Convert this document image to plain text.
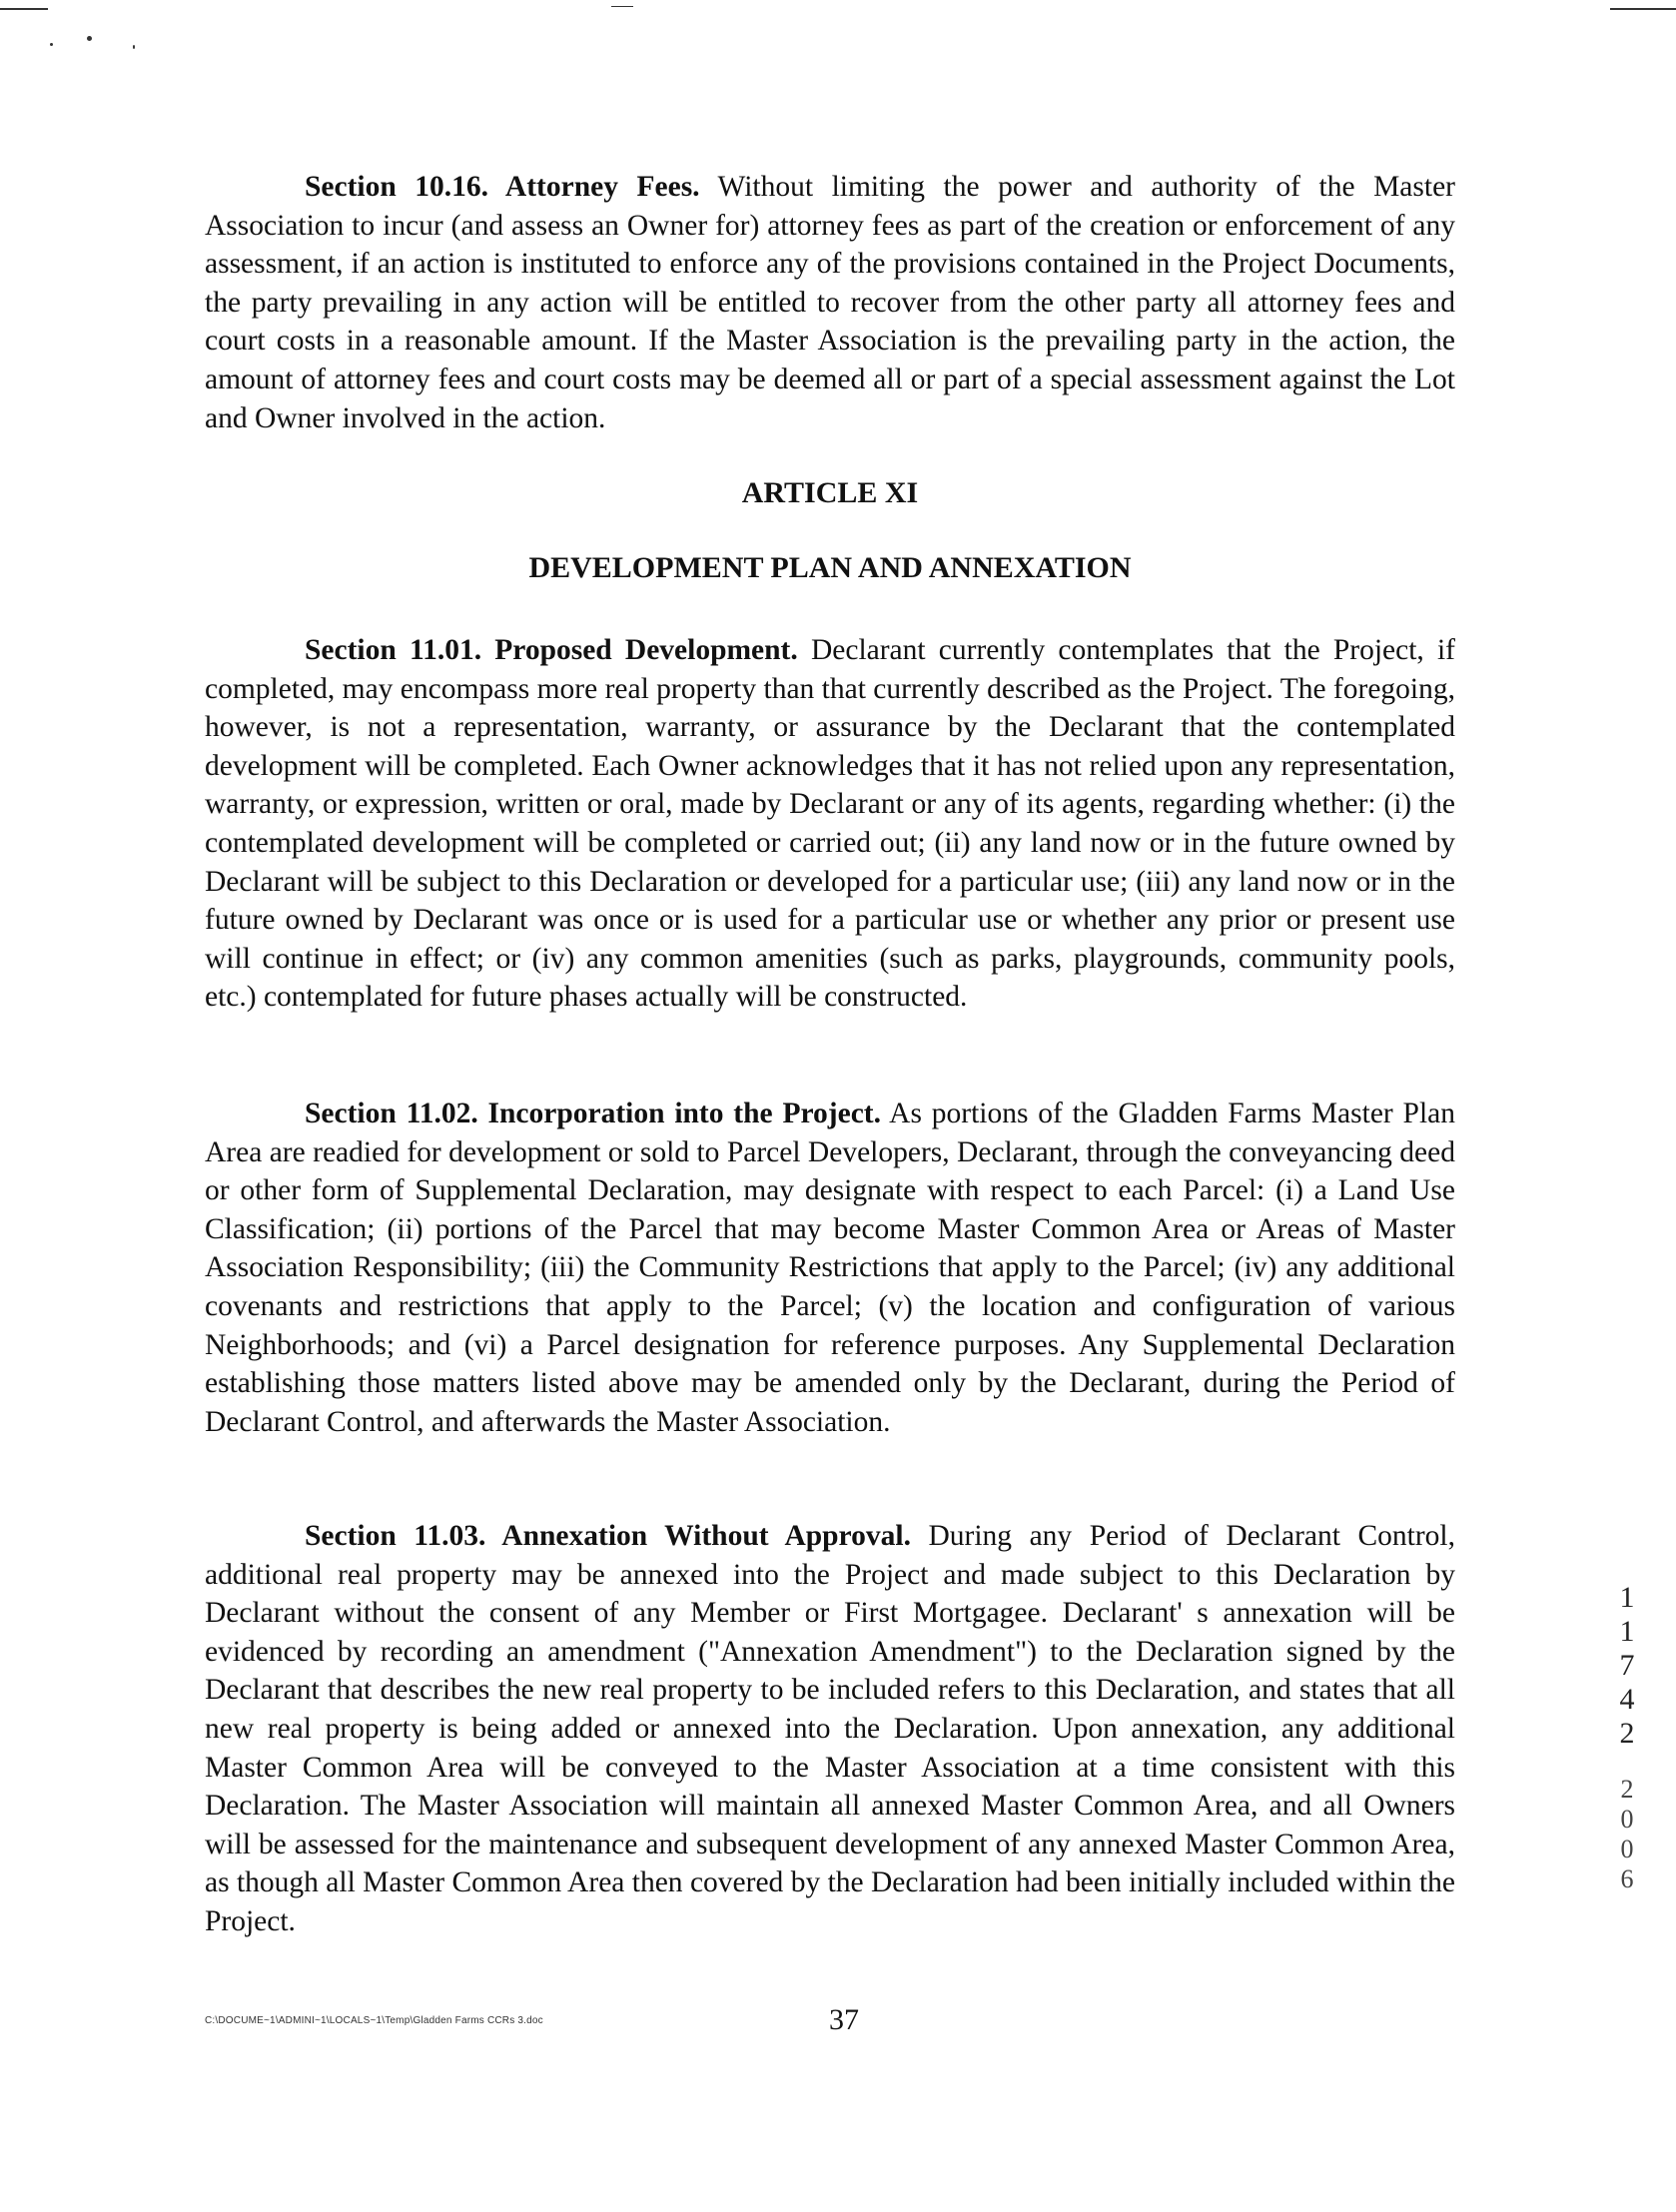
Section 10.16. Attorney Fees. Without limiting the power and authority of the Master Association to incur (and assess an Owner for) attorney fees as part of the creation or enforcement of any assessment, if an action is instituted to enforce any of the provisions contained in the Project Documents, the party prevailing in any action will be entitled to recover from the other party all attorney fees and court costs in a reasonable amount. If the Master Association is the prevailing party in the action, the amount of attorney fees and court costs may be deemed all or part of a special assessment against the Lot and Owner involved in the action.

ARTICLE XI
DEVELOPMENT PLAN AND ANNEXATION

Section 11.01. Proposed Development. Declarant currently contemplates that the Project, if completed, may encompass more real property than that currently described as the Project. The foregoing, however, is not a representation, warranty, or assurance by the Declarant that the contemplated development will be completed. Each Owner acknowledges that it has not relied upon any representation, warranty, or expression, written or oral, made by Declarant or any of its agents, regarding whether: (i) the contemplated development will be completed or carried out; (ii) any land now or in the future owned by Declarant will be subject to this Declaration or developed for a particular use; (iii) any land now or in the future owned by Declarant was once or is used for a particular use or whether any prior or present use will continue in effect; or (iv) any common amenities (such as parks, playgrounds, community pools, etc.) contemplated for future phases actually will be constructed.

Section 11.02. Incorporation into the Project. As portions of the Gladden Farms Master Plan Area are readied for development or sold to Parcel Developers, Declarant, through the conveyancing deed or other form of Supplemental Declaration, may designate with respect to each Parcel: (i) a Land Use Classification; (ii) portions of the Parcel that may become Master Common Area or Areas of Master Association Responsibility; (iii) the Community Restrictions that apply to the Parcel; (iv) any additional covenants and restrictions that apply to the Parcel; (v) the location and configuration of various Neighborhoods; and (vi) a Parcel designation for reference purposes. Any Supplemental Declaration establishing those matters listed above may be amended only by the Declarant, during the Period of Declarant Control, and afterwards the Master Association.

Section 11.03. Annexation Without Approval. During any Period of Declarant Control, additional real property may be annexed into the Project and made subject to this Declaration by Declarant without the consent of any Member or First Mortgagee. Declarant' s annexation will be evidenced by recording an amendment ("Annexation Amendment") to the Declaration signed by the Declarant that describes the new real property to be included refers to this Declaration, and states that all new real property is being added or annexed into the Declaration. Upon annexation, any additional Master Common Area will be conveyed to the Master Association at a time consistent with this Declaration. The Master Association will maintain all annexed Master Common Area, and all Owners will be assessed for the maintenance and subsequent development of any annexed Master Common Area, as though all Master Common Area then covered by the Declaration had been initially included within the Project.

1
1
7
4
2
2
0
0
6
C:\DOCUME~1\ADMINI~1\LOCALS~1\Temp\Gladden Farms CCRs 3.doc	37
